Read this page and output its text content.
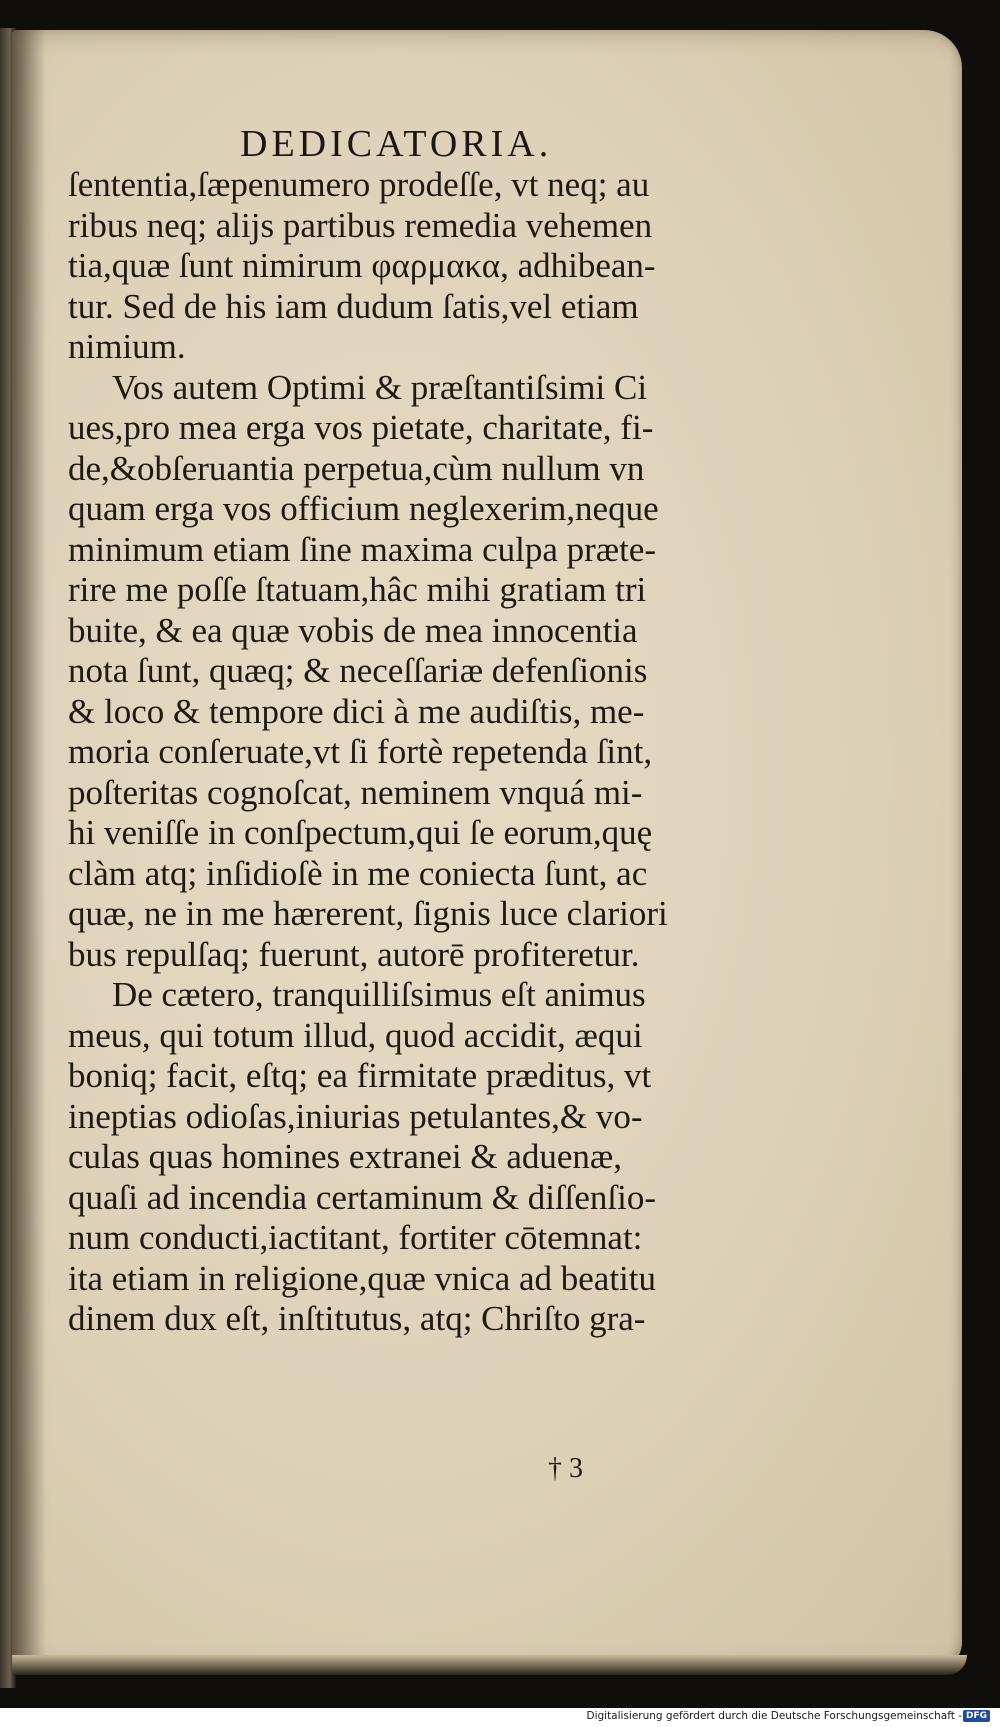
DEDICATORIA.
ſententia,ſæpenumero prodeſſe, vt neq; au
ribus neq; alijs partibus remedia vehemen
tia,quæ ſunt nimirum φαρμακα, adhibean-
tur. Sed de his iam dudum ſatis,vel etiam
nimium.
Vos autem Optimi & præſtantiſsimi Ci
ues,pro mea erga vos pietate, charitate, fi-
de,&obſeruantia perpetua,cùm nullum vn
quam erga vos officium neglexerim,neque
minimum etiam ſine maxima culpa præte-
rire me poſſe ſtatuam,hâc mihi gratiam tri
buite, & ea quæ vobis de mea innocentia
nota ſunt, quæq; & neceſſariæ defenſionis
& loco & tempore dici à me audiſtis, me-
moria conſeruate,vt ſi fortè repetenda ſint,
poſteritas cognoſcat, neminem vnquá mi-
hi veniſſe in conſpectum,qui ſe eorum,quę
clàm atq; inſidioſè in me coniecta ſunt, ac
quæ, ne in me hærerent, ſignis luce clariori
bus repulſaq; fuerunt, autorē profiteretur.
De cætero, tranquilliſsimus eſt animus
meus, qui totum illud, quod accidit, æqui
boniq; facit, eſtq; ea firmitate præditus, vt
ineptias odioſas,iniurias petulantes,& vo-
culas quas homines extranei & aduenæ,
quaſi ad incendia certaminum & diſſenſio-
num conducti,iactitant, fortiter cōtemnat:
ita etiam in religione,quæ vnica ad beatitu
dinem dux eſt, inſtitutus, atq; Chriſto gra-
† 3
Digitalisierung gefördert durch die Deutsche Forschungsgemeinschaft - DFG
